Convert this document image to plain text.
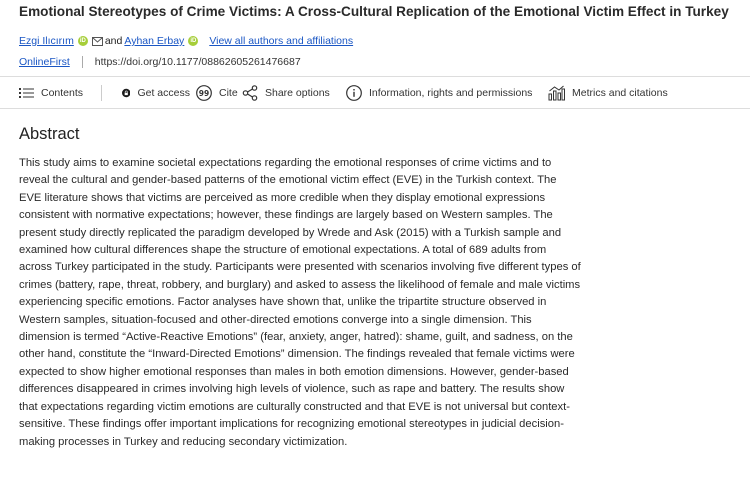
Emotional Stereotypes of Crime Victims: A Cross-Cultural Replication of the Emotional Victim Effect in Turkey
Ezgi Ilıcırım	iD and Ayhan Erbay	iD View all authors and affiliations
OnlineFirst https://doi.org/10.1177/08862605261476687
Contents	Get access 99 Cite	Share options	Information, rights and permissions	Metrics and citations
Abstract
This study aims to examine societal expectations regarding the emotional responses of crime victims and to reveal the cultural and gender-based patterns of the emotional victim effect (EVE) in the Turkish context. The EVE literature shows that victims are perceived as more credible when they display emotional expressions consistent with normative expectations; however, these findings are largely based on Western samples. The present study directly replicated the paradigm developed by Wrede and Ask (2015) with a Turkish sample and examined how cultural differences shape the structure of emotional expectations. A total of 689 adults from across Turkey participated in the study. Participants were presented with scenarios involving five different types of crimes (battery, rape, threat, robbery, and burglary) and asked to assess the likelihood of female and male victims experiencing specific emotions. Factor analyses have shown that, unlike the tripartite structure observed in Western samples, situation-focused and other-directed emotions converge into a single dimension. This dimension is termed “Active-Reactive Emotions” (fear, anxiety, anger, hatred): shame, guilt, and sadness, on the other hand, constitute the “Inward-Directed Emotions” dimension. The findings revealed that female victims were expected to show higher emotional responses than males in both emotion dimensions. However, gender-based differences disappeared in crimes involving high levels of violence, such as rape and battery. The results show that expectations regarding victim emotions are culturally constructed and that EVE is not universal but context-sensitive. These findings offer important implications for recognizing emotional stereotypes in judicial decision-making processes in Turkey and reducing secondary victimization.
